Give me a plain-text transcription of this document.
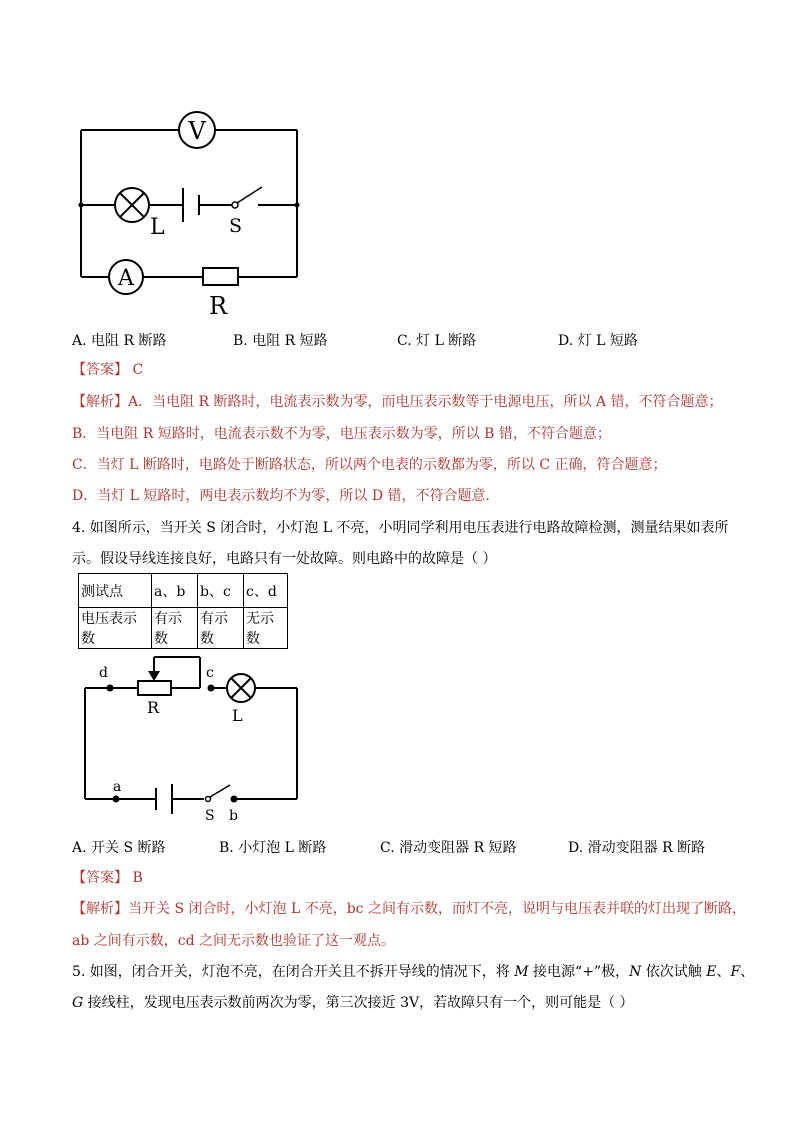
V
L	S
A
R
A. 电阻 R 断路	B. 电阻 R 短路	C. 灯 L 断路	D. 灯 L 短路
【答案】 C
【解析】A．当电阻 R 断路时，电流表示数为零，而电压表示数等于电源电压，所以 A 错，不符合题意；
B．当电阻 R 短路时，电流表示数不为零，电压表示数为零，所以 B 错，不符合题意；
C．当灯 L 断路时，电路处于断路状态，所以两个电表的示数都为零，所以 C 正确，符合题意；
D．当灯 L 短路时，两电表示数均不为零，所以 D 错，不符合题意．
4. 如图所示，当开关 S 闭合时，小灯泡 L 不亮，小明同学利用电压表进行电路故障检测，测量结果如表所
示。假设导线连接良好，电路只有一处故障。则电路中的故障是（ ）
测试点	a、b	b、c	c、d
电压表示数	有示数	有示数	无示数
d	c
a
b
R	L
S
A. 开关 S 断路	B. 小灯泡 L 断路	C. 滑动变阻器 R 短路	D. 滑动变阻器 R 断路
【答案】 B
【解析】当开关 S 闭合时，小灯泡 L 不亮，bc 之间有示数，而灯不亮，说明与电压表并联的灯出现了断路，
ab 之间有示数，cd 之间无示数也验证了这一观点。
5. 如图，闭合开关，灯泡不亮，在闭合开关且不拆开导线的情况下，将 M 接电源“+”极，N 依次试触 E、F、
G 接线柱，发现电压表示数前两次为零，第三次接近 3V，若故障只有一个，则可能是（ ）
